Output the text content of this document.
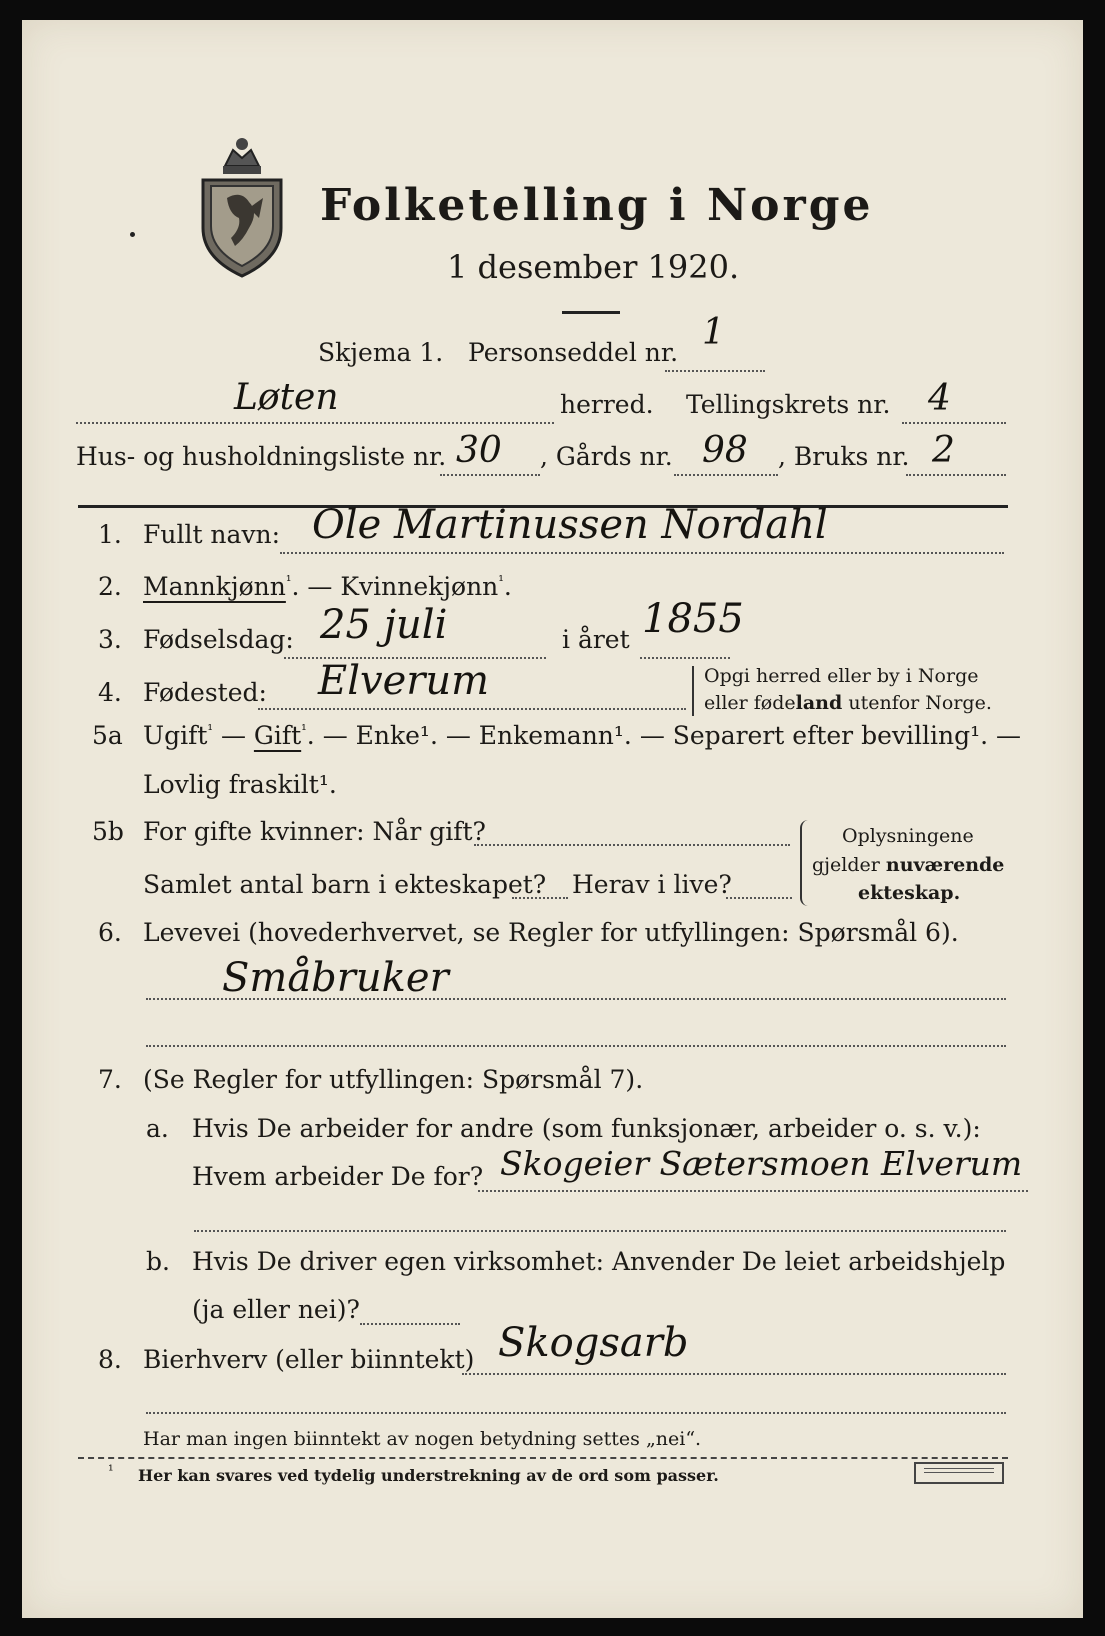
Folketelling i Norge
1 desember 1920.
Skjema 1. Personseddel nr. 1
Løten	herred. Tellingskrets nr. 4
Hus- og husholdningsliste nr. 30 , Gårds nr. 98 , Bruks nr. 2
1. Fullt navn: Ole Martinussen Nordahl
2. Mannkjønn$^{^1}$. — Kvinnekjønn$^{^1}$.
3. Fødselsdag: 25 juli	i året 1855
4. Fødested: Elverum	Opgi herred eller by i Norge
eller fødeland utenfor Norge.
5a Ugift$^{^1}$ — Gift$^{^1}$. — Enke¹. — Enkemann¹. — Separert efter bevilling¹. —
Lovlig fraskilt¹.
5b For gifte kvinner: Når gift?
Samlet antal barn i ekteskapet? Herav i live?
Oplysningene
gjelder nuværende
ekteskap.
6. Levevei (hovederhvervet, se Regler for utfyllingen: Spørsmål 6).
Småbruker
7. (Se Regler for utfyllingen: Spørsmål 7).
a. Hvis De arbeider for andre (som funksjonær, arbeider o. s. v.):
Hvem arbeider De for? Skogeier Sætersmoen Elverum
b. Hvis De driver egen virksomhet: Anvender De leiet arbeidshjelp
(ja eller nei)?
8. Bierhverv (eller biinntekt) Skogsarb
Har man ingen biinntekt av nogen betydning settes „nei“.
¹ Her kan svares ved tydelig understrekning av de ord som passer.
